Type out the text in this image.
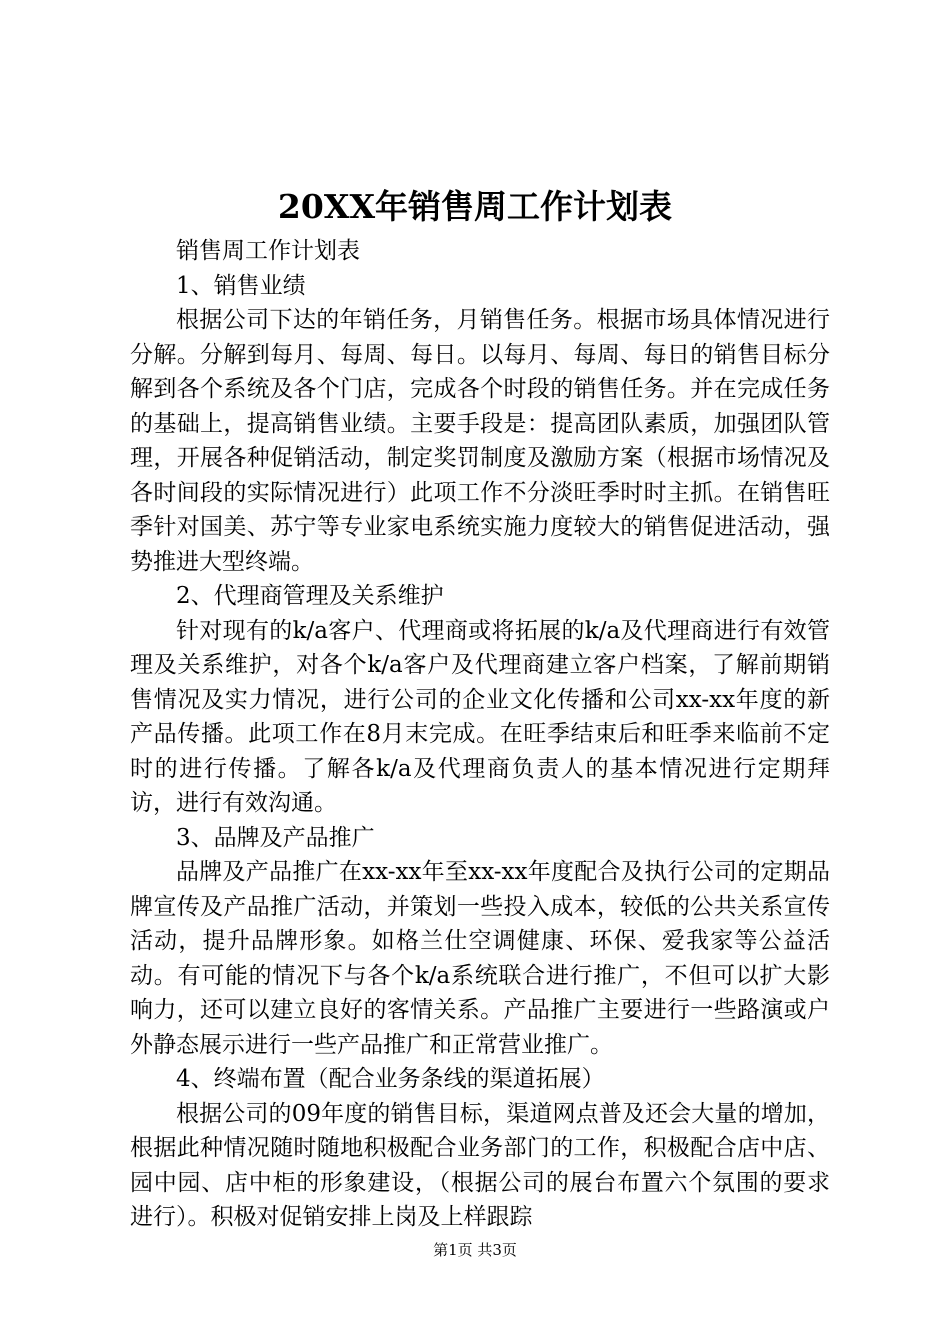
20XX年销售周工作计划表

销售周工作计划表

1、销售业绩

根据公司下达的年销任务，月销售任务。根据市场具体情况进行分解。分解到每月、每周、每日。以每月、每周、每日的销售目标分解到各个系统及各个门店，完成各个时段的销售任务。并在完成任务的基础上，提高销售业绩。主要手段是：提高团队素质，加强团队管理，开展各种促销活动，制定奖罚制度及激励方案（根据市场情况及各时间段的实际情况进行）此项工作不分淡旺季时时主抓。在销售旺季针对国美、苏宁等专业家电系统实施力度较大的销售促进活动，强势推进大型终端。

2、代理商管理及关系维护

针对现有的k/a客户、代理商或将拓展的k/a及代理商进行有效管理及关系维护，对各个k/a客户及代理商建立客户档案，了解前期销售情况及实力情况，进行公司的企业文化传播和公司xx-xx年度的新产品传播。此项工作在8月末完成。在旺季结束后和旺季来临前不定时的进行传播。了解各k/a及代理商负责人的基本情况进行定期拜访，进行有效沟通。

3、品牌及产品推广

品牌及产品推广在xx-xx年至xx-xx年度配合及执行公司的定期品牌宣传及产品推广活动，并策划一些投入成本，较低的公共关系宣传活动，提升品牌形象。如格兰仕空调健康、环保、爱我家等公益活动。有可能的情况下与各个k/a系统联合进行推广，不但可以扩大影响力，还可以建立良好的客情关系。产品推广主要进行一些路演或户外静态展示进行一些产品推广和正常营业推广。

4、终端布置（配合业务条线的渠道拓展）

根据公司的09年度的销售目标，渠道网点普及还会大量的增加，根据此种情况随时随地积极配合业务部门的工作，积极配合店中店、园中园、店中柜的形象建设，（根据公司的展台布置六个氛围的要求进行）。积极对促销安排上岗及上样跟踪

第1页 共3页
